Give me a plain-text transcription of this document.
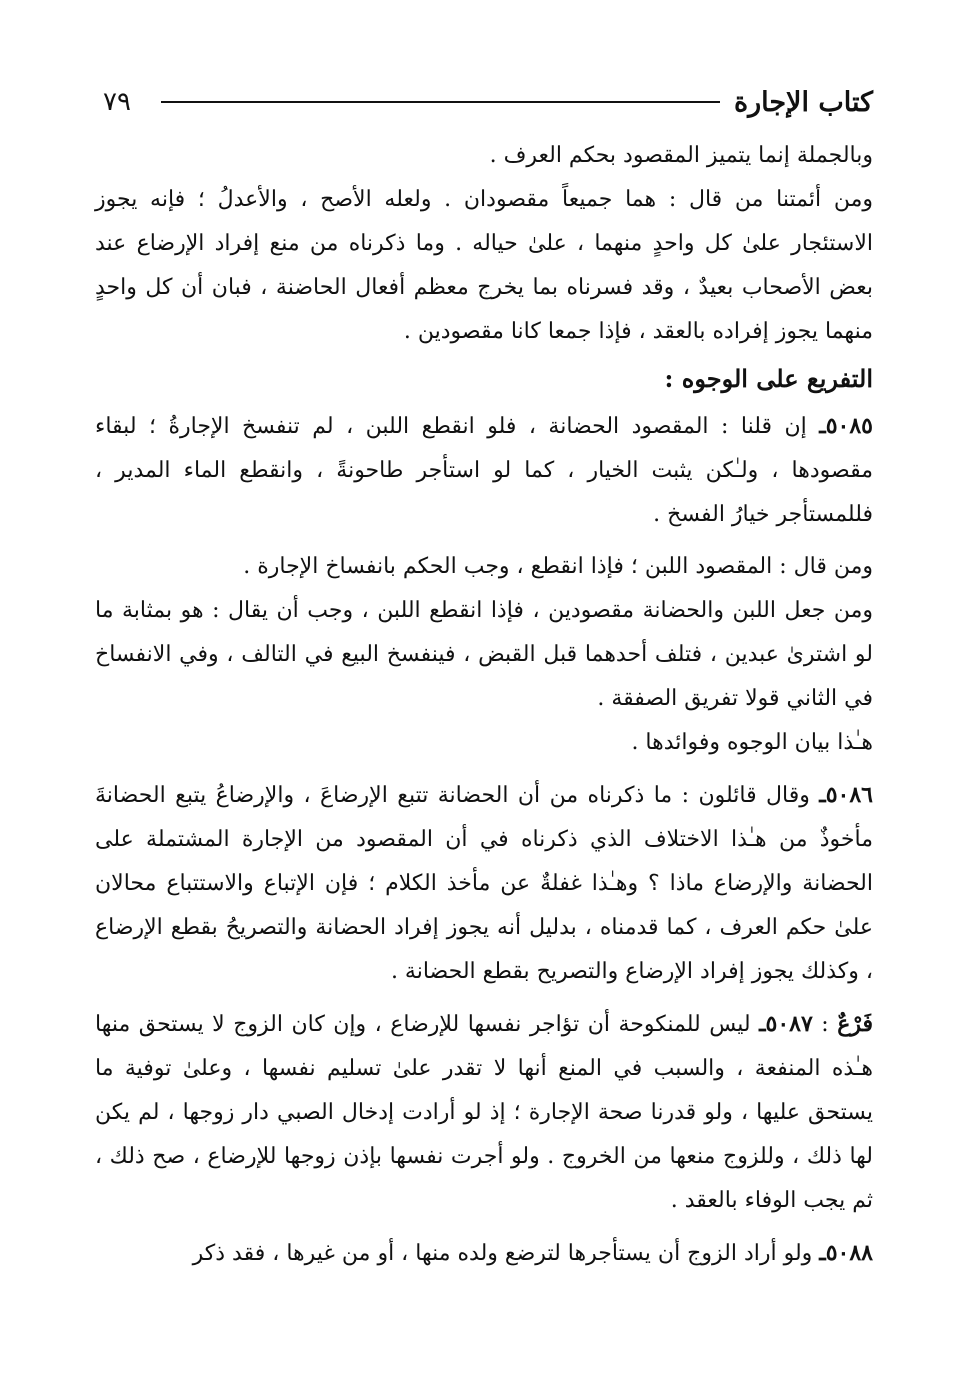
كتاب الإجارة
٧٩

وبالجملة إنما يتميز المقصود بحكم العرف .

ومن أئمتنا من قال : هما جميعاً مقصودان . ولعله الأصح ، والأعدلُ ؛ فإنه يجوز الاستئجار علىٰ كل واحدٍ منهما ، علىٰ حياله . وما ذكرناه من منع إفراد الإرضاع عند بعض الأصحاب بعيدٌ ، وقد فسرناه بما يخرج معظم أفعال الحاضنة ، فبان أن كل واحدٍ منهما يجوز إفراده بالعقد ، فإذا جمعا كانا مقصودين .

التفريع على الوجوه :

٥٠٨٥ـ إن قلنا : المقصود الحضانة ، فلو انقطع اللبن ، لم تنفسخ الإجارةُ ؛ لبقاء مقصودها ، ولـٰكن يثبت الخيار ، كما لو استأجر طاحونةً ، وانقطع الماء المدير ، فللمستأجر خيارُ الفسخ .

ومن قال : المقصود اللبن ؛ فإذا انقطع ، وجب الحكم بانفساخ الإجارة .

ومن جعل اللبن والحضانة مقصودين ، فإذا انقطع اللبن ، وجب أن يقال : هو بمثابة ما لو اشترىٰ عبدين ، فتلف أحدهما قبل القبض ، فينفسخ البيع في التالف ، وفي الانفساخ في الثاني قولا تفريق الصفقة .

هـٰذا بيان الوجوه وفوائدها .

٥٠٨٦ـ وقال قائلون : ما ذكرناه من أن الحضانة تتبع الإرضاعَ ، والإرضاعُ يتبع الحضانةَ مأخوذٌ من هـٰذا الاختلاف الذي ذكرناه في أن المقصود من الإجارة المشتملة على الحضانة والإرضاع ماذا ؟ وهـٰذا غفلةٌ عن مأخذ الكلام ؛ فإن الإتباع والاستتباع محالان علىٰ حكم العرف ، كما قدمناه ، بدليل أنه يجوز إفراد الحضانة والتصريحُ بقطع الإرضاع ، وكذلك يجوز إفراد الإرضاع والتصريح بقطع الحضانة .

فَرْعٌ : ٥٠٨٧ـ ليس للمنكوحة أن تؤاجر نفسها للإرضاع ، وإن كان الزوج لا يستحق منها هـٰذه المنفعة ، والسبب في المنع أنها لا تقدر علىٰ تسليم نفسها ، وعلىٰ توفية ما يستحق عليها ، ولو قدرنا صحة الإجارة ؛ إذ لو أرادت إدخال الصبي دار زوجها ، لم يكن لها ذلك ، وللزوج منعها من الخروج . ولو أجرت نفسها بإذن زوجها للإرضاع ، صح ذلك ، ثم يجب الوفاء بالعقد .

٥٠٨٨ـ ولو أراد الزوج أن يستأجرها لترضع ولده منها ، أو من غيرها ، فقد ذكر
